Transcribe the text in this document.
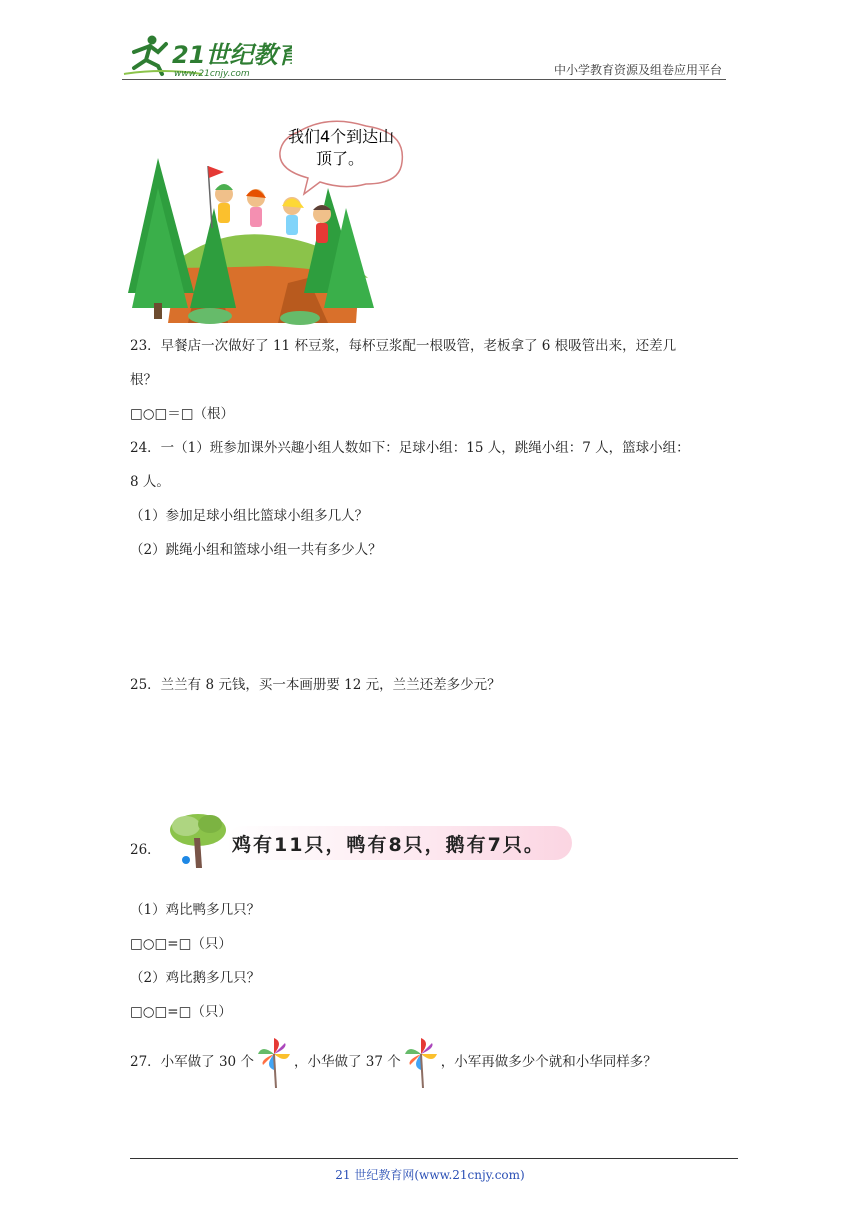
21世纪教育
www.21cnjy.com	中小学教育资源及组卷应用平台
我们4个到达山
顶了。
23．早餐店一次做好了 11 杯豆浆，每杯豆浆配一根吸管，老板拿了 6 根吸管出来，还差几
根？
□○□＝□（根）
24．一（1）班参加课外兴趣小组人数如下：足球小组：15 人，跳绳小组：7 人，篮球小组：
8 人。
（1）参加足球小组比篮球小组多几人？
（2）跳绳小组和篮球小组一共有多少人？
25．兰兰有 8 元钱，买一本画册要 12 元，兰兰还差多少元？
26．	鸡有11只，鸭有8只，鹅有7只。
（1）鸡比鸭多几只？
□○□=□（只）
（2）鸡比鹅多几只？
□○□=□（只）
27．小军做了 30 个	，小华做了 37 个	，小军再做多少个就和小华同样多？
21 世纪教育网(www.21cnjy.com)
